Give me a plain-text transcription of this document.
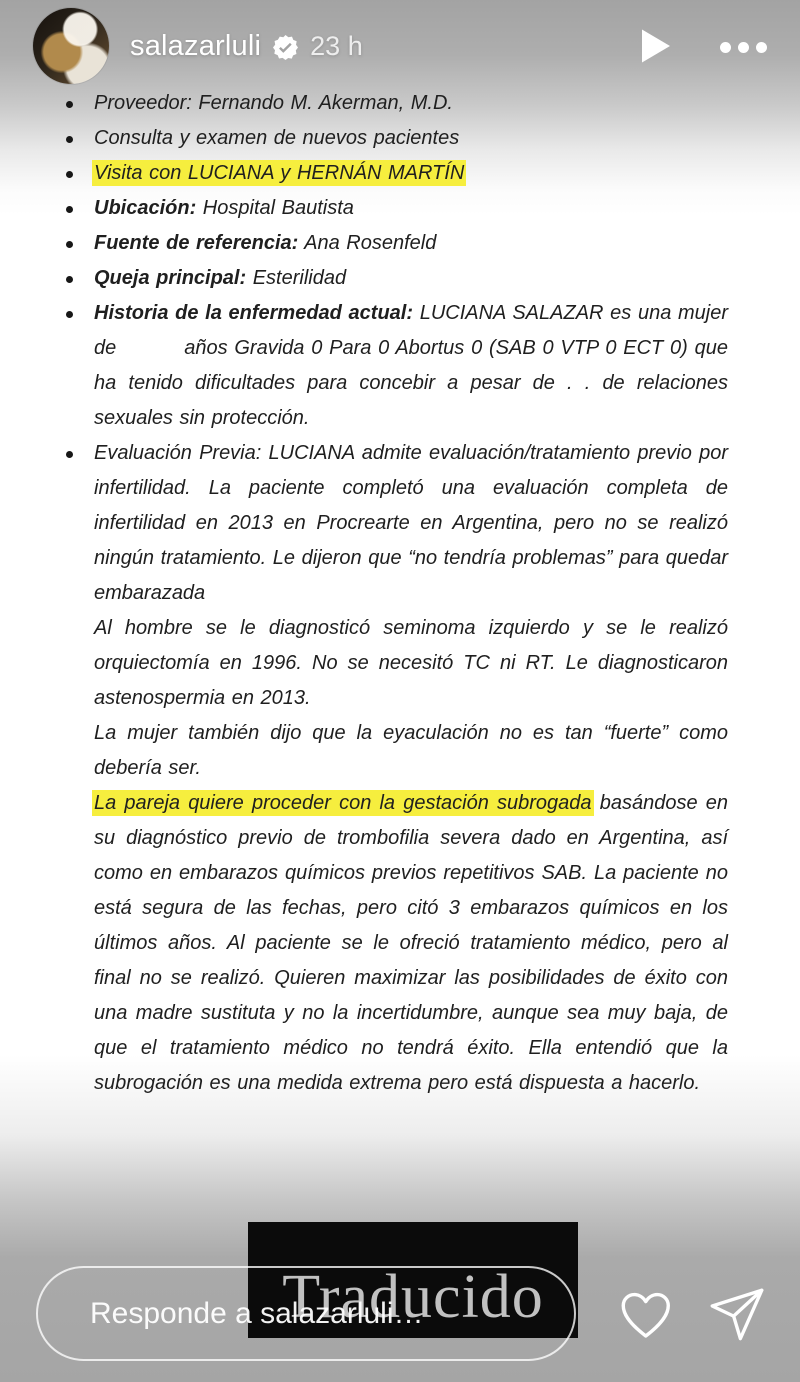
salazarluli 23 h

Proveedor: Fernando M. Akerman, M.D.

Consulta y examen de nuevos pacientes

Visita con LUCIANA y HERNÁN MARTÍN

Ubicación: Hospital Bautista

Fuente de referencia: Ana Rosenfeld

Queja principal: Esterilidad

Historia de la enfermedad actual: LUCIANA SALAZAR es una mujer de          años Gravida 0 Para 0 Abortus 0 (SAB 0 VTP 0 ECT 0) que ha tenido dificultades para concebir a pesar de . . de relaciones sexuales sin protección.

Evaluación Previa: LUCIANA admite evaluación/tratamiento previo por infertilidad. La paciente completó una evaluación completa de infertilidad en 2013 en Procrearte en Argentina, pero no se realizó ningún tratamiento. Le dijeron que “no tendría problemas” para quedar embarazada

Al hombre se le diagnosticó seminoma izquierdo y se le realizó orquiectomía en 1996. No se necesitó TC ni RT. Le diagnosticaron astenospermia en 2013.

La mujer también dijo que la eyaculación no es tan “fuerte” como debería ser.

La pareja quiere proceder con la gestación subrogada basándose en su diagnóstico previo de trombofilia severa dado en Argentina, así como en embarazos químicos previos repetitivos SAB. La paciente no está segura de las fechas, pero citó 3 embarazos químicos en los últimos años. Al paciente se le ofreció tratamiento médico, pero al final no se realizó. Quieren maximizar las posibilidades de éxito con una madre sustituta y no la incertidumbre, aunque sea muy baja, de que el tratamiento médico no tendrá éxito. Ella entendió que la subrogación es una medida extrema pero está dispuesta a hacerlo.

Traducido
Responde a salazarluli…
